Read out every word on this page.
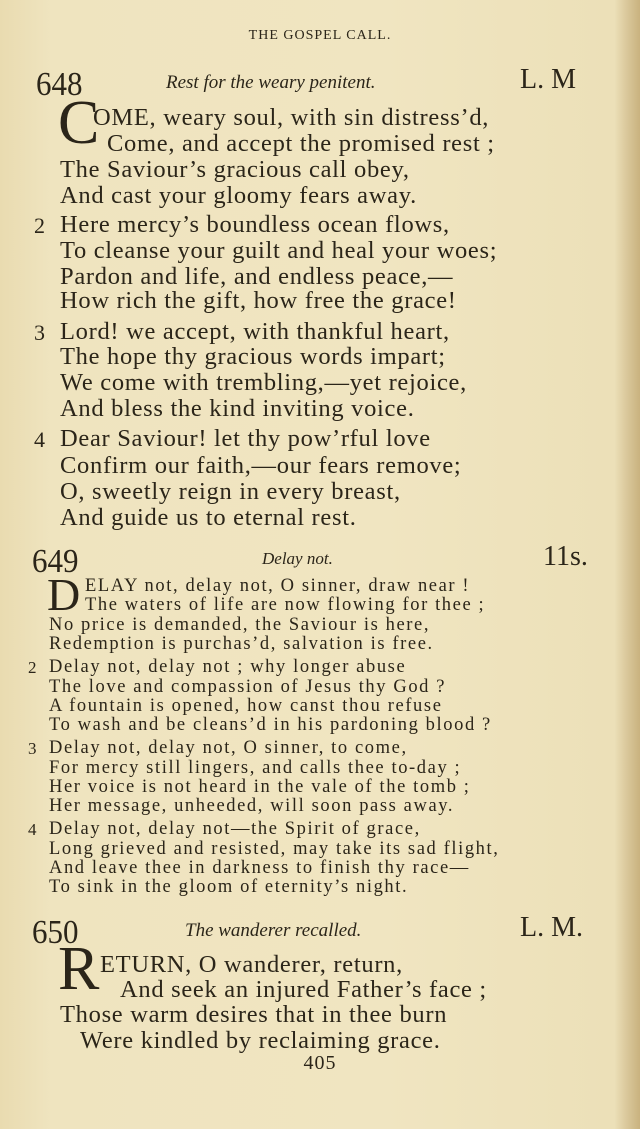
THE GOSPEL CALL.
648	Rest for the weary penitent.	L. M
C
OME, weary soul, with sin distress’d,
Come, and accept the promised rest ;
The Saviour’s gracious call obey,
And cast your gloomy fears away.
2 Here mercy’s boundless ocean flows,
To cleanse your guilt and heal your woes;
Pardon and life, and endless peace,—
How rich the gift, how free the grace!
3 Lord! we accept, with thankful heart,
The hope thy gracious words impart;
We come with trembling,—yet rejoice,
And bless the kind inviting voice.
4 Dear Saviour! let thy pow’rful love
Confirm our faith,—our fears remove;
O, sweetly reign in every breast,
And guide us to eternal rest.
649	Delay not.	11s.
D ELAY not, delay not, O sinner, draw near !
The waters of life are now flowing for thee ;
No price is demanded, the Saviour is here,
Redemption is purchas’d, salvation is free.
2 Delay not, delay not ; why longer abuse
The love and compassion of Jesus thy God ?
A fountain is opened, how canst thou refuse
To wash and be cleans’d in his pardoning blood ?
3 Delay not, delay not, O sinner, to come,
For mercy still lingers, and calls thee to-day ;
Her voice is not heard in the vale of the tomb ;
Her message, unheeded, will soon pass away.
4 Delay not, delay not—the Spirit of grace,
Long grieved and resisted, may take its sad flight,
And leave thee in darkness to finish thy race—
To sink in the gloom of eternity’s night.
650	The wanderer recalled.	L. M.
R ETURN, O wanderer, return,
And seek an injured Father’s face ;
Those warm desires that in thee burn
Were kindled by reclaiming grace.
405
